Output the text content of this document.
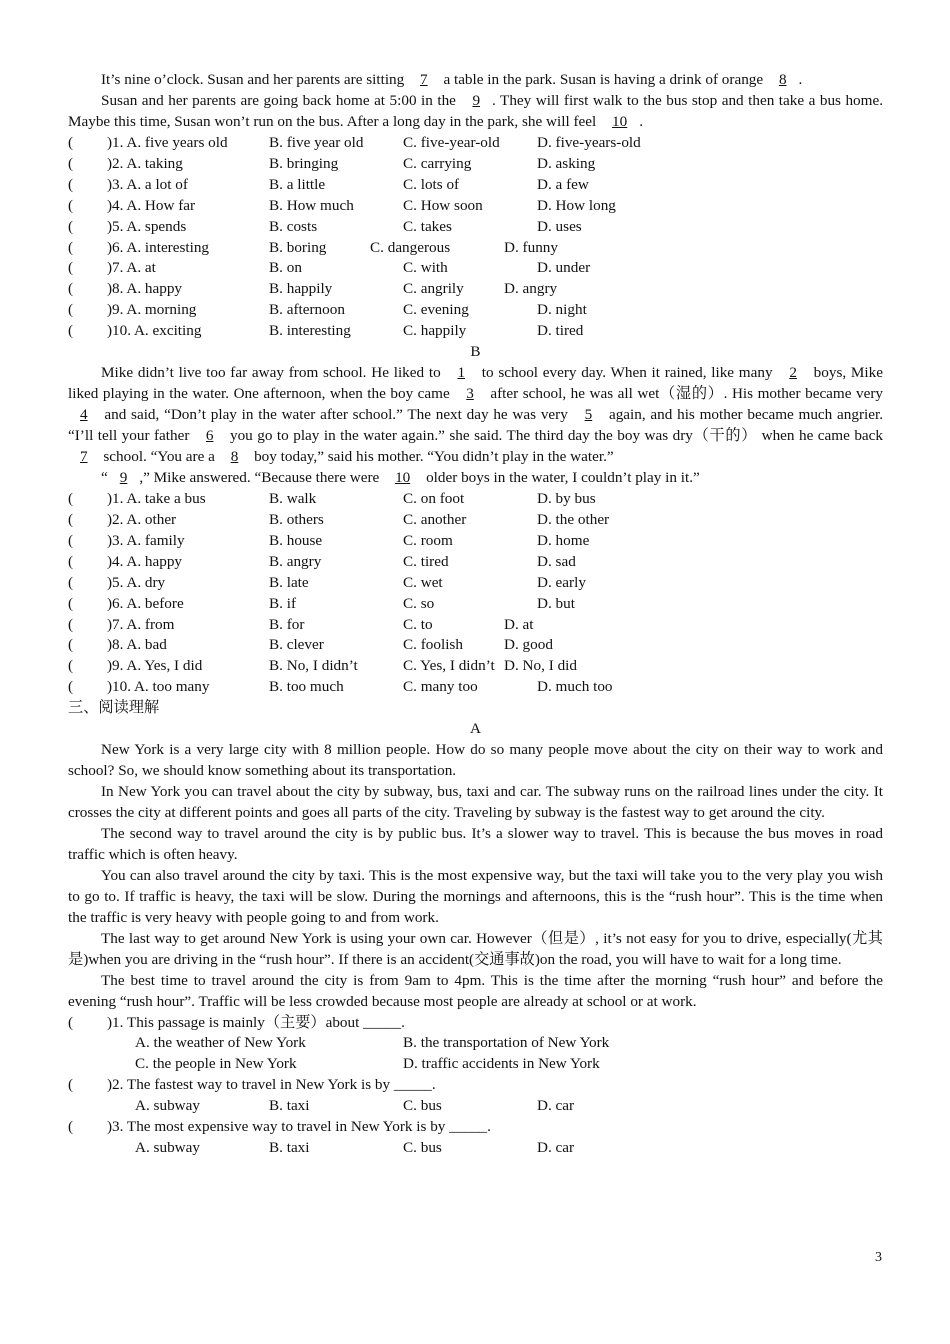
It’s nine o’clock. Susan and her parents are sitting 7 a table in the park. Susan is having a drink of orange 8 .
Susan and her parents are going back home at 5:00 in the 9 . They will first walk to the bus stop and then take a bus home. Maybe this time, Susan won’t run on the bus. After a long day in the park, she will feel 10 .
( ) 1. A. five years old	B. five year old	C. five-year-old D. five-years-old
( ) 2. A. taking	B. bringing	C. carrying	D. asking
( ) 3. A. a lot of	B. a little	C. lots of	D. a few
( ) 4. A. How far	B. How much	C. How soon	D. How long
( ) 5. A. spends	B. costs	C. takes	D. uses
( ) 6. A. interesting	B. boring	C. dangerous	D. funny
( ) 7. A. at	B. on	C. with	D. under
( ) 8. A. happy	B. happily	C. angrily	D. angry
( ) 9. A. morning	B. afternoon	C. evening	D. night
( ) 10. A. exciting	B. interesting	C. happily	D. tired
B
Mike didn’t live too far away from school. He liked to 1 to school every day. When it rained, like many 2 boys, Mike liked playing in the water. One afternoon, when the boy came 3 after school, he was all wet（湿的）. His mother became very 4 and said, “Don’t play in the water after school.” The next day he was very 5 again, and his mother became much angrier. “I’ll tell your father 6 you go to play in the water again.” she said. The third day the boy was dry（干的） when he came back 7 school. “You are a 8 boy today,” said his mother. “You didn’t play in the water.”
“ 9 ,” Mike answered. “Because there were 10 older boys in the water, I couldn’t play in it.”
( ) 1. A. take a bus	B. walk	C. on foot	D. by bus
( ) 2. A. other	B. others	C. another	D. the other
( ) 3. A. family	B. house	C. room	D. home
( ) 4. A. happy	B. angry	C. tired	D. sad
( ) 5. A. dry	B. late	C. wet	D. early
( ) 6. A. before	B. if	C. so	D. but
( ) 7. A. from	B. for	C. to	D. at
( ) 8. A. bad	B. clever	C. foolish	D. good
( ) 9. A. Yes, I did	B. No, I didn’t	C. Yes, I didn’t D. No, I did
( ) 10. A. too many	B. too much	C. many too	D. much too
三、阅读理解
A
New York is a very large city with 8 million people. How do so many people move about the city on their way to work and school? So, we should know something about its transportation.
In New York you can travel about the city by subway, bus, taxi and car. The subway runs on the railroad lines under the city. It crosses the city at different points and goes all parts of the city. Traveling by subway is the fastest way to get around the city.
The second way to travel around the city is by public bus. It’s a slower way to travel. This is because the bus moves in road traffic which is often heavy.
You can also travel around the city by taxi. This is the most expensive way, but the taxi will take you to the very play you wish to go to. If traffic is heavy, the taxi will be slow. During the mornings and afternoons, this is the “rush hour”. This is the time when the traffic is very heavy with people going to and from work.
The last way to get around New York is using your own car. However（但是）, it’s not easy for you to drive, especially(尤其是)when you are driving in the “rush hour”. If there is an accident(交通事故)on the road, you will have to wait for a long time.
The best time to travel around the city is from 9am to 4pm. This is the time after the morning “rush hour” and before the evening “rush hour”. Traffic will be less crowded because most people are already at school or at work.
( ) 1. This passage is mainly（主要）about _____.
A. the weather of New York	B. the transportation of New York
C. the people in New York	D. traffic accidents in New York
( ) 2. The fastest way to travel in New York is by _____.
A. subway	B. taxi	C. bus	D. car
( ) 3. The most expensive way to travel in New York is by _____.
A. subway	B. taxi	C. bus	D. car
3
